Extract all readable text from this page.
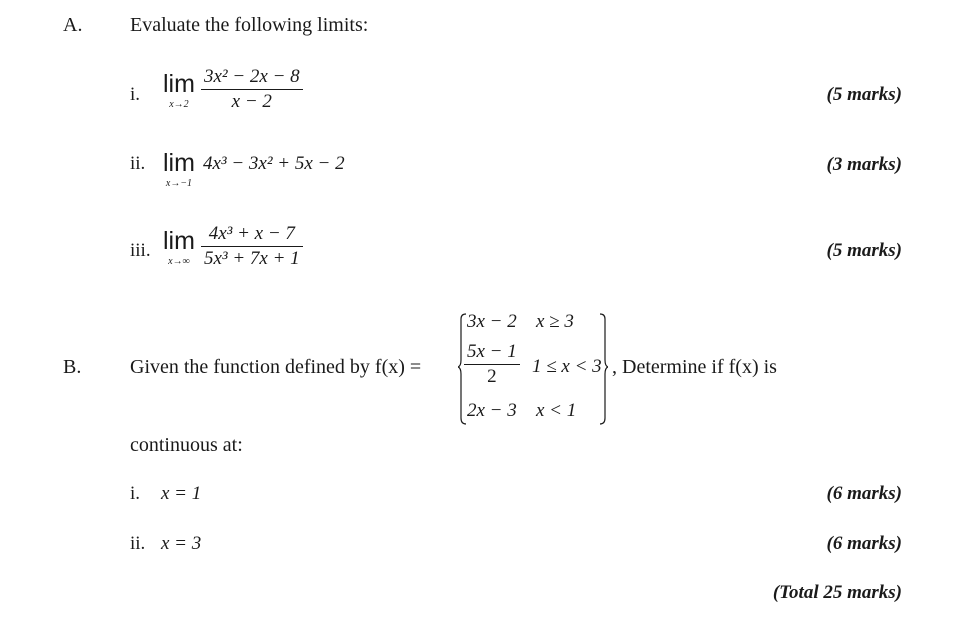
A. Evaluate the following limits:
i. lim
x→2
$\frac{\text{3x² − 2x − 8}}{x - 2}$	(5 marks)
ii. lim
x→−1
4x³ − 3x² + 5x − 2	(3 marks)
iii. lim
x→∞
$\frac{\text{4x³ + x − 7}}{\text{5x³ + 7x + 1}}$	(5 marks)
B. Given the function defined by f(x) =
3x − 2 x ≥ 3
$\frac{5x - 1}{2} 1 \le x < 3$
2x − 3 x < 1
, Determine if f(x) is
continuous at:
i. x = 1	(6 marks)
ii. x = 3	(6 marks)
(Total 25 marks)
